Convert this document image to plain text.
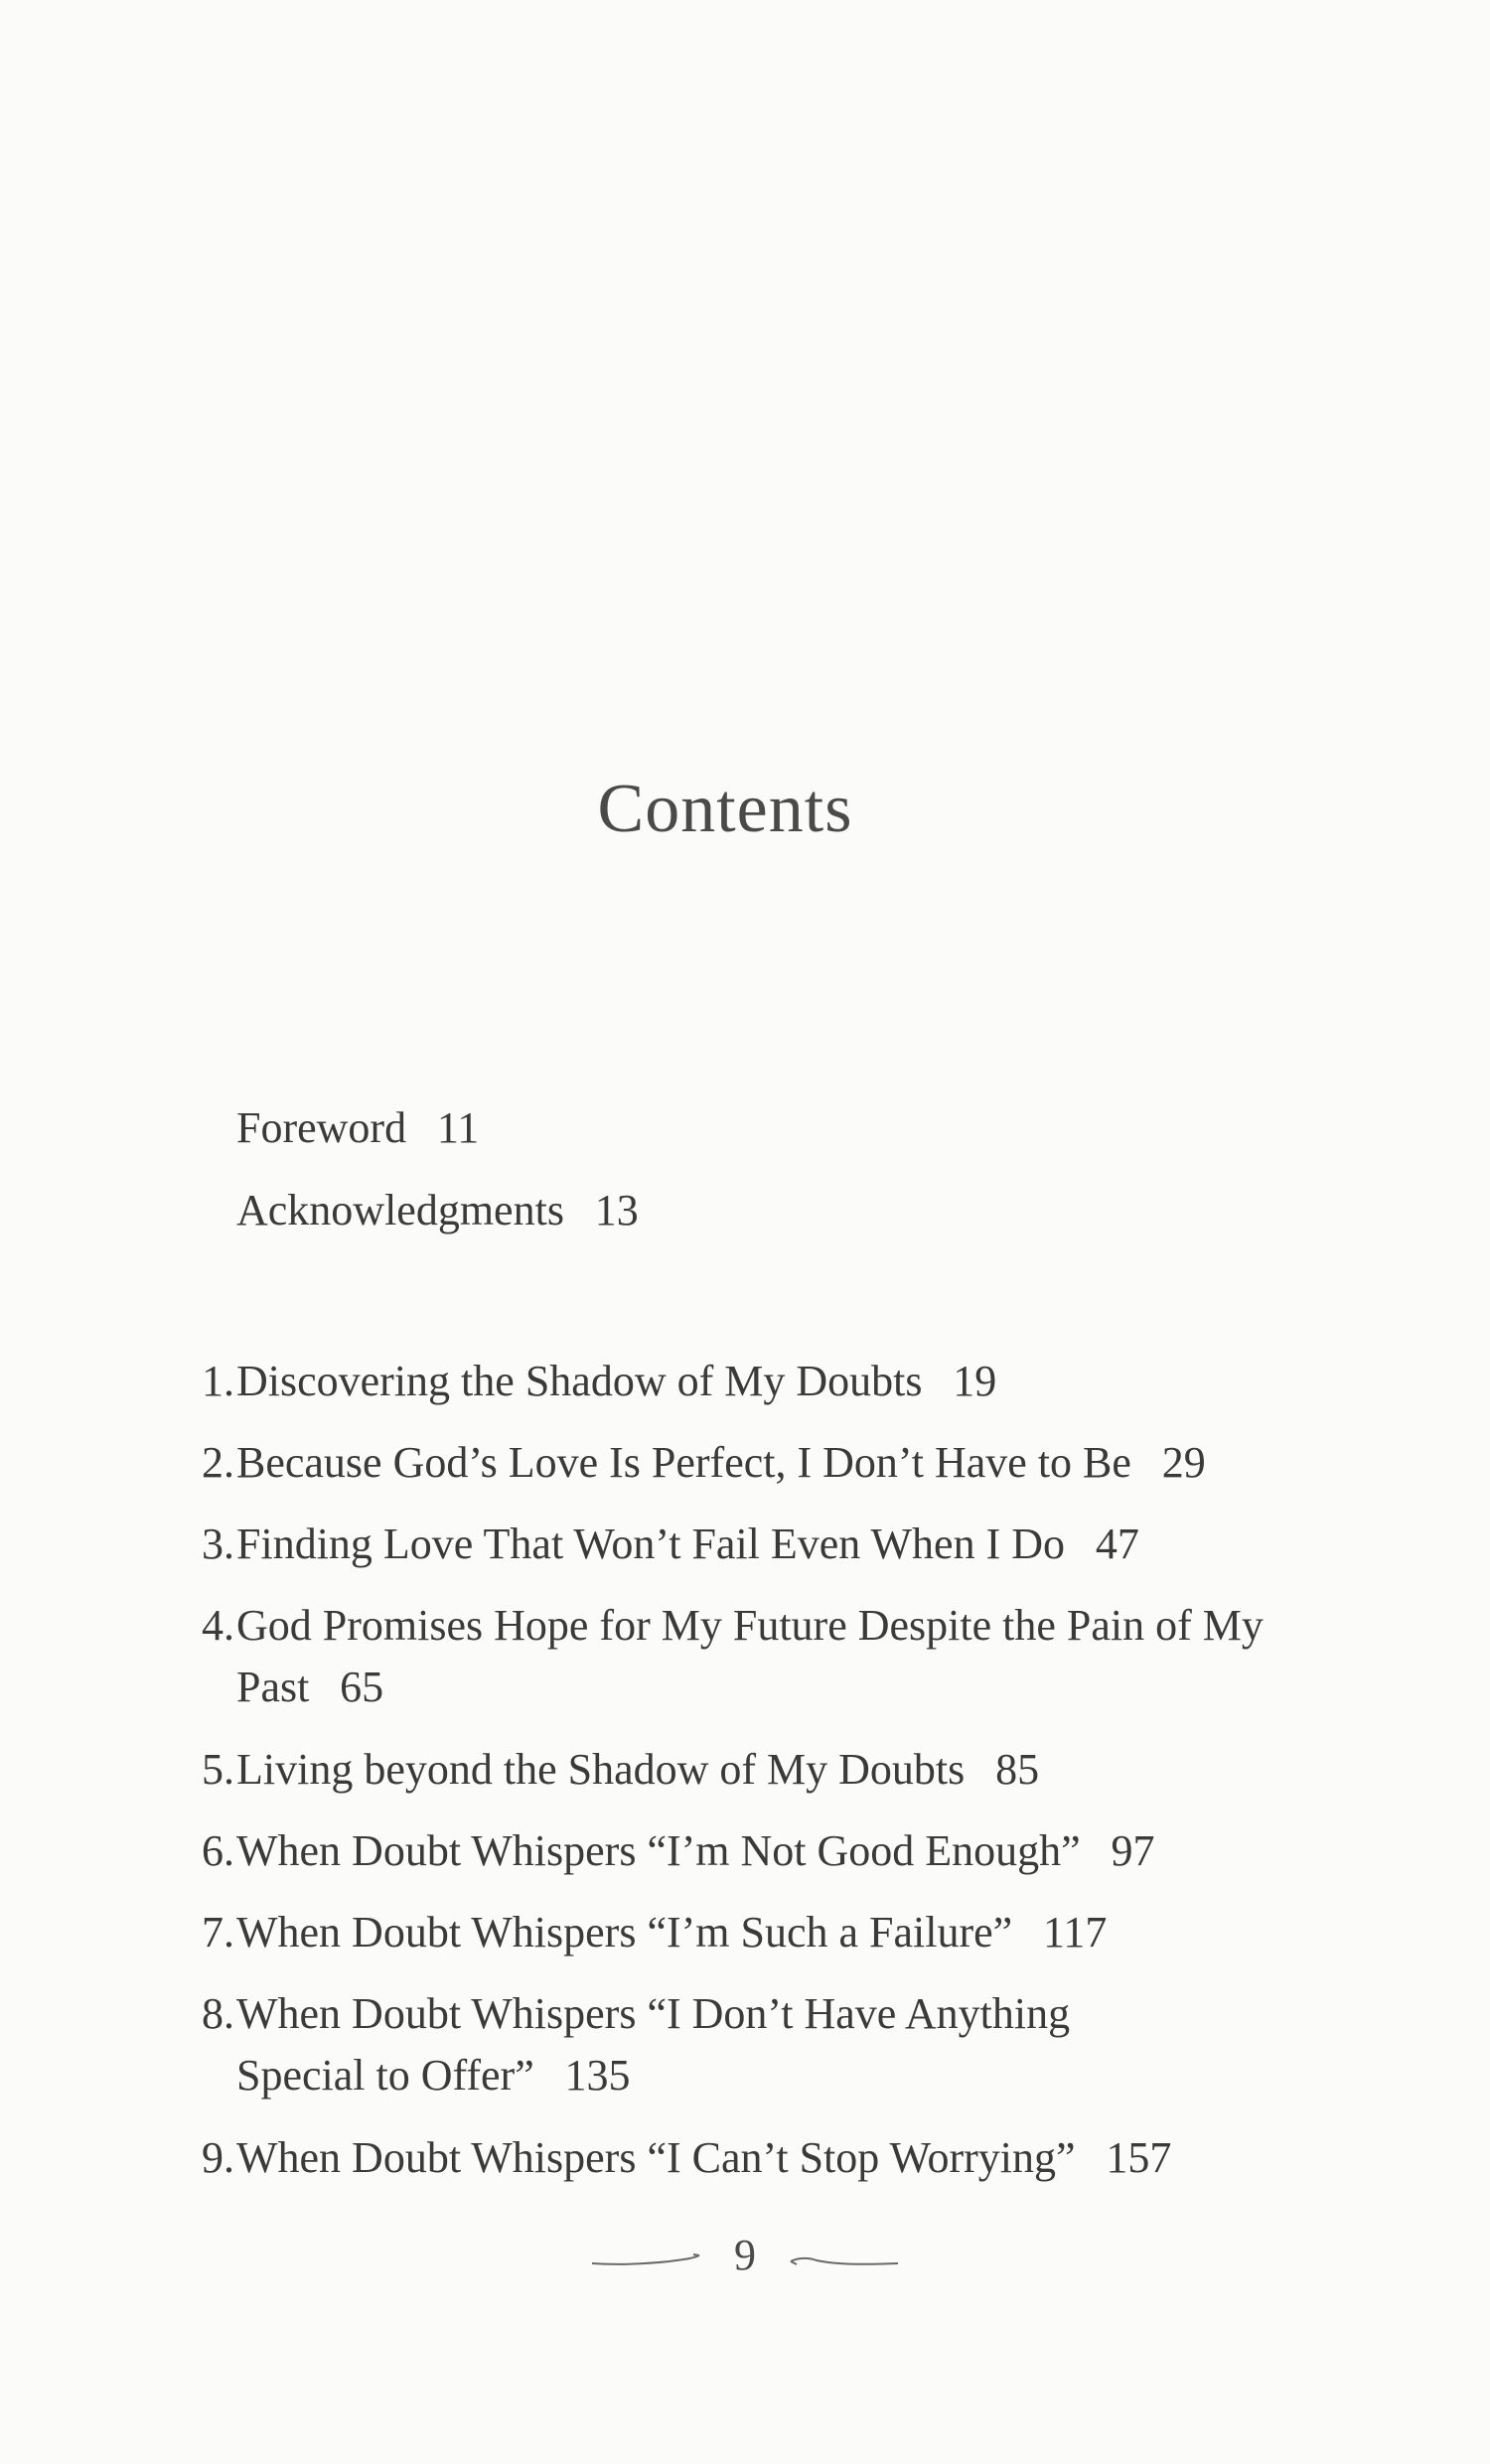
Contents
Foreword 11
Acknowledgments 13
1. Discovering the Shadow of My Doubts 19
2. Because God’s Love Is Perfect, I Don’t Have to Be 29
3. Finding Love That Won’t Fail Even When I Do 47
4. God Promises Hope for My Future Despite the Pain of My Past 65
5. Living beyond the Shadow of My Doubts 85
6. When Doubt Whispers “I’m Not Good Enough” 97
7. When Doubt Whispers “I’m Such a Failure” 117
8. When Doubt Whispers “I Don’t Have Anything Special to Offer” 135
9. When Doubt Whispers “I Can’t Stop Worrying” 157
9
